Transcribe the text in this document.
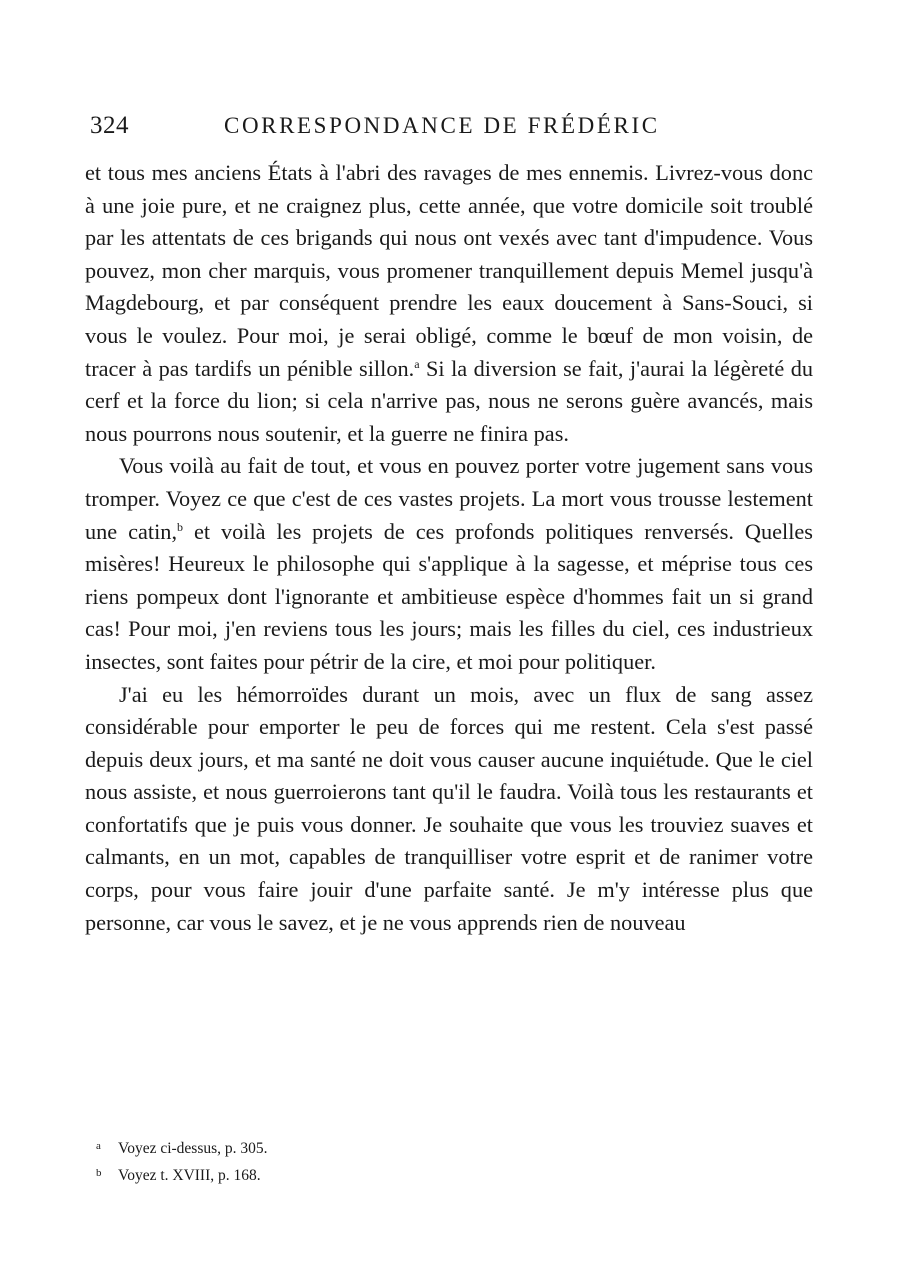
324	CORRESPONDANCE DE FRÉDÉRIC

et tous mes anciens États à l'abri des ravages de mes ennemis. Livrez-vous donc à une joie pure, et ne craignez plus, cette année, que votre domicile soit troublé par les attentats de ces brigands qui nous ont vexés avec tant d'impudence. Vous pouvez, mon cher marquis, vous promener tranquillement depuis Memel jusqu'à Magdebourg, et par conséquent prendre les eaux doucement à Sans-Souci, si vous le voulez. Pour moi, je serai obligé, comme le bœuf de mon voisin, de tracer à pas tardifs un pénible sillon.$^a$ Si la diversion se fait, j'aurai la légèreté du cerf et la force du lion; si cela n'arrive pas, nous ne serons guère avancés, mais nous pourrons nous soutenir, et la guerre ne finira pas.

Vous voilà au fait de tout, et vous en pouvez porter votre jugement sans vous tromper. Voyez ce que c'est de ces vastes projets. La mort vous trousse lestement une catin,$^b$ et voilà les projets de ces profonds politiques renversés. Quelles misères! Heureux le philosophe qui s'applique à la sagesse, et méprise tous ces riens pompeux dont l'ignorante et ambitieuse espèce d'hommes fait un si grand cas! Pour moi, j'en reviens tous les jours; mais les filles du ciel, ces industrieux insectes, sont faites pour pétrir de la cire, et moi pour politiquer.

J'ai eu les hémorroïdes durant un mois, avec un flux de sang assez considérable pour emporter le peu de forces qui me restent. Cela s'est passé depuis deux jours, et ma santé ne doit vous causer aucune inquiétude. Que le ciel nous assiste, et nous guerroierons tant qu'il le faudra. Voilà tous les restaurants et confortatifs que je puis vous donner. Je souhaite que vous les trouviez suaves et calmants, en un mot, capables de tranquilliser votre esprit et de ranimer votre corps, pour vous faire jouir d'une parfaite santé. Je m'y intéresse plus que personne, car vous le savez, et je ne vous apprends rien de nouveau

a Voyez ci-dessus, p. 305.
b Voyez t. XVIII, p. 168.
